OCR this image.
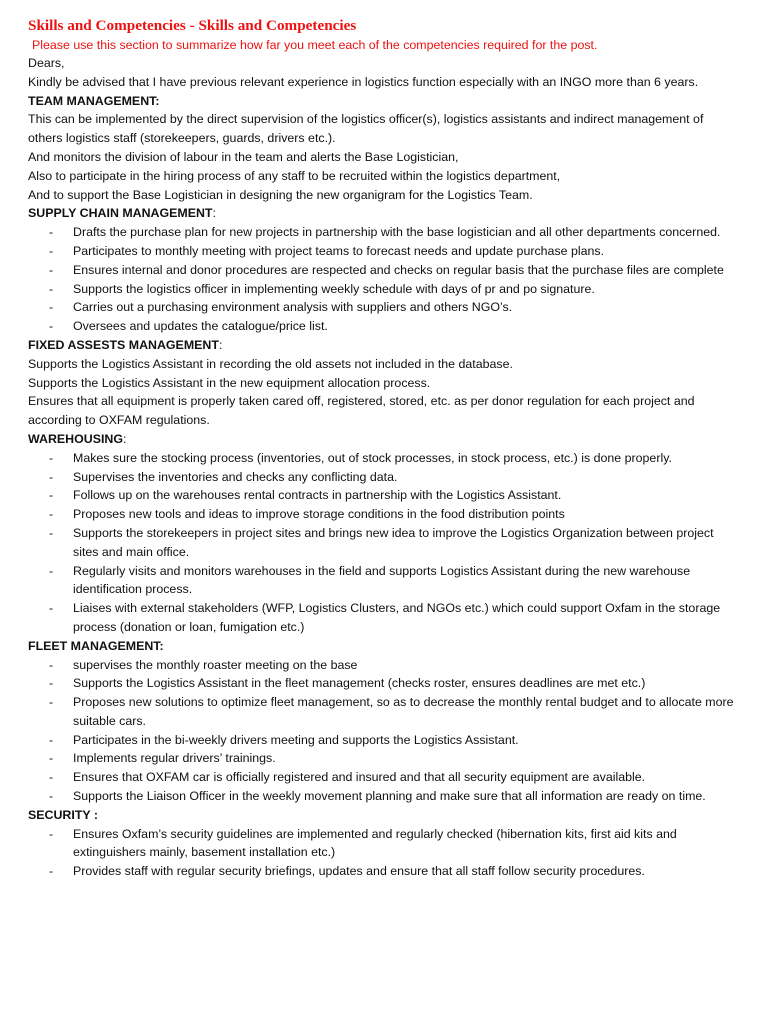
Skills and Competencies - Skills and Competencies
Please use this section to summarize how far you meet each of the competencies required for the post.
Dears,
Kindly be advised that I have previous relevant experience in logistics function especially with an INGO more than 6 years.
TEAM MANAGEMENT:
This can be implemented by the direct supervision of the logistics officer(s), logistics assistants and indirect management of others logistics staff (storekeepers, guards, drivers etc.).
And monitors the division of labour in the team and alerts the Base Logistician,
Also to participate in the hiring process of any staff to be recruited within the logistics department,
And to support the Base Logistician in designing the new organigram for the Logistics Team.
SUPPLY CHAIN MANAGEMENT:
- Drafts the purchase plan for new projects in partnership with the base logistician and all other departments concerned.
- Participates to monthly meeting with project teams to forecast needs and update purchase plans.
- Ensures internal and donor procedures are respected and checks on regular basis that the purchase files are complete
- Supports the logistics officer in implementing weekly schedule with days of pr and po signature.
- Carries out a purchasing environment analysis with suppliers and others NGO’s.
- Oversees and updates the catalogue/price list.
FIXED ASSESTS MANAGEMENT:
Supports the Logistics Assistant in recording the old assets not included in the database.
Supports the Logistics Assistant in the new equipment allocation process.
Ensures that all equipment is properly taken cared off, registered, stored, etc. as per donor regulation for each project and according to OXFAM regulations.
WAREHOUSING:
- Makes sure the stocking process (inventories, out of stock processes, in stock process, etc.) is done properly.
- Supervises the inventories and checks any conflicting data.
- Follows up on the warehouses rental contracts in partnership with the Logistics Assistant.
- Proposes new tools and ideas to improve storage conditions in the food distribution points
- Supports the storekeepers in project sites and brings new idea to improve the Logistics Organization between project sites and main office.
- Regularly visits and monitors warehouses in the field and supports Logistics Assistant during the new warehouse identification process.
- Liaises with external stakeholders (WFP, Logistics Clusters, and NGOs etc.) which could support Oxfam in the storage process (donation or loan, fumigation etc.)
FLEET MANAGEMENT:
- supervises the monthly roaster meeting on the base
- Supports the Logistics Assistant in the fleet management (checks roster, ensures deadlines are met etc.)
- Proposes new solutions to optimize fleet management, so as to decrease the monthly rental budget and to allocate more suitable cars.
- Participates in the bi-weekly drivers meeting and supports the Logistics Assistant.
- Implements regular drivers’ trainings.
- Ensures that OXFAM car is officially registered and insured and that all security equipment are available.
- Supports the Liaison Officer in the weekly movement planning and make sure that all information are ready on time.
SECURITY :
- Ensures Oxfam’s security guidelines are implemented and regularly checked (hibernation kits, first aid kits and extinguishers mainly, basement installation etc.)
- Provides staff with regular security briefings, updates and ensure that all staff follow security procedures.
